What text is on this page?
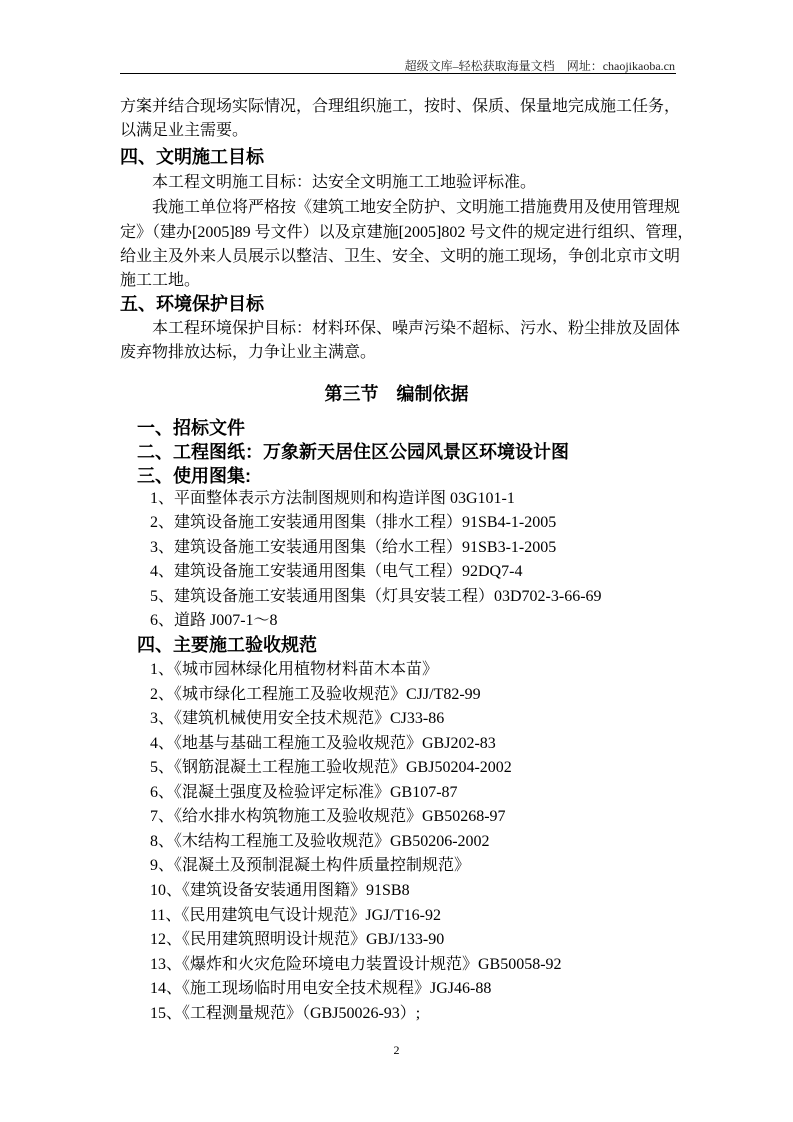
超级文库–轻松获取海量文档 网址：chaojikaoba.cn
方案并结合现场实际情况，合理组织施工，按时、保质、保量地完成施工任务，
以满足业主需要。
四、文明施工目标
本工程文明施工目标：达安全文明施工工地验评标准。
我施工单位将严格按《建筑工地安全防护、文明施工措施费用及使用管理规
定》（建办[2005]89 号文件）以及京建施[2005]802 号文件的规定进行组织、管理，
给业主及外来人员展示以整洁、卫生、安全、文明的施工现场，争创北京市文明
施工工地。
五、环境保护目标
本工程环境保护目标：材料环保、噪声污染不超标、污水、粉尘排放及固体
废弃物排放达标，力争让业主满意。
第三节　编制依据
一、招标文件
二、工程图纸：万象新天居住区公园风景区环境设计图
三、使用图集:
1、平面整体表示方法制图规则和构造详图 03G101-1
2、建筑设备施工安装通用图集（排水工程）91SB4-1-2005
3、建筑设备施工安装通用图集（给水工程）91SB3-1-2005
4、建筑设备施工安装通用图集（电气工程）92DQ7-4
5、建筑设备施工安装通用图集（灯具安装工程）03D702-3-66-69
6、道路 J007-1～8
四、主要施工验收规范
1、《城市园林绿化用植物材料苗木本苗》
2、《城市绿化工程施工及验收规范》CJJ/T82-99
3、《建筑机械使用安全技术规范》CJ33-86
4、《地基与基础工程施工及验收规范》GBJ202-83
5、《钢筋混凝土工程施工验收规范》GBJ50204-2002
6、《混凝土强度及检验评定标准》GB107-87
7、《给水排水构筑物施工及验收规范》GB50268-97
8、《木结构工程施工及验收规范》GB50206-2002
9、《混凝土及预制混凝土构件质量控制规范》
10、《建筑设备安装通用图籍》91SB8
11、《民用建筑电气设计规范》JGJ/T16-92
12、《民用建筑照明设计规范》GBJ/133-90
13、《爆炸和火灾危险环境电力装置设计规范》GB50058-92
14、《施工现场临时用电安全技术规程》JGJ46-88
15、《工程测量规范》（GBJ50026-93）;
2
